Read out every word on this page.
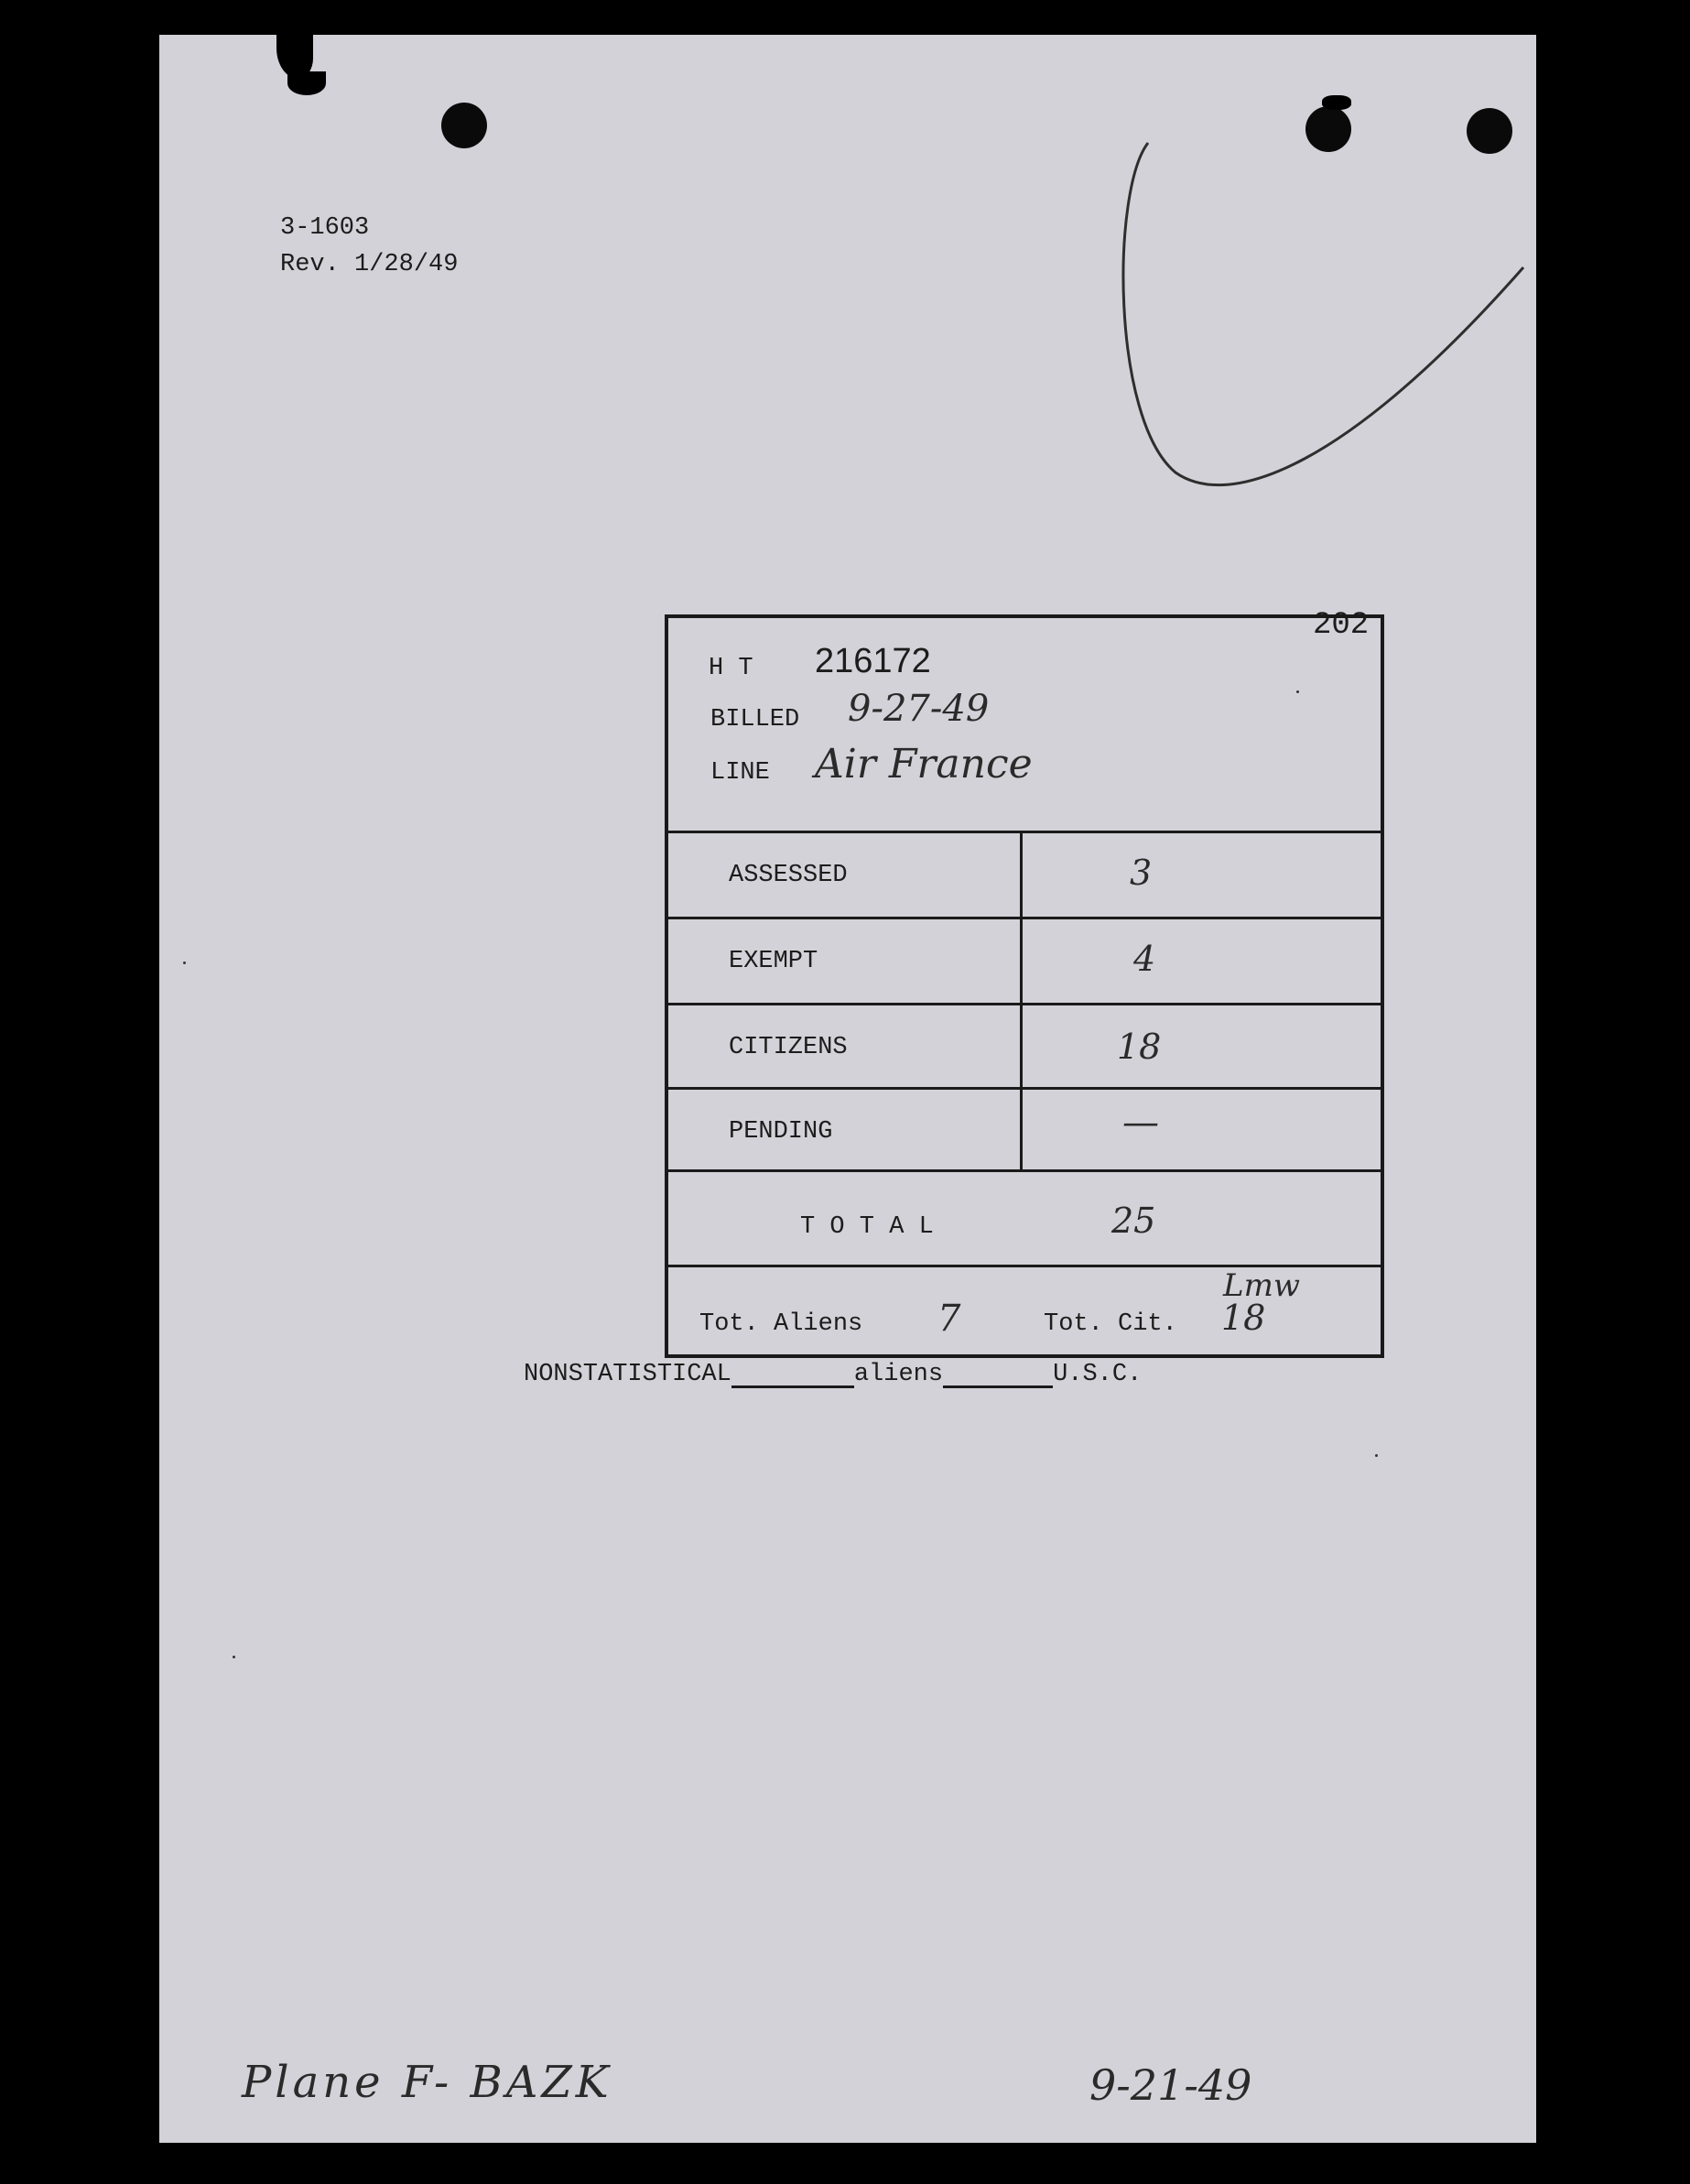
3-1603
Rev. 1/28/49
202
H T 216172
BILLED 9-27-49
LINE Air France
ASSESSED	3
EXEMPT	4
CITIZENS	18
PENDING	—
T O T A L	25
Tot. Aliens 7	Tot. Cit. 18
Lmw
NONSTATISTICAL	aliens	U.S.C.
Plane F- BAZK	9-21-49
